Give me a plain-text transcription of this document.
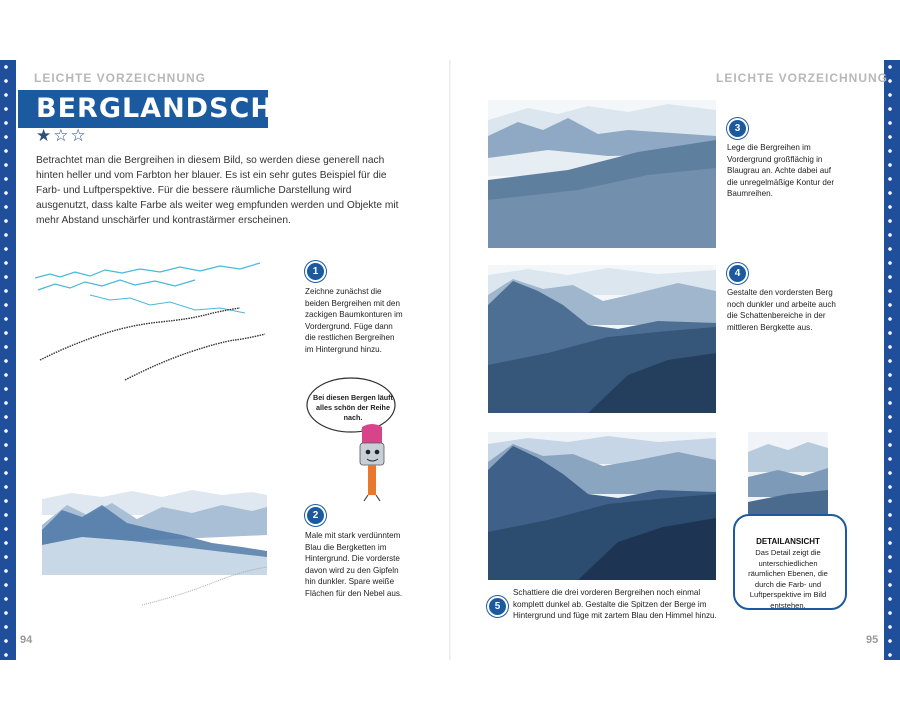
LEICHTE VORZEICHNUNG	LEICHTE VORZEICHNUNG
BERGLANDSCHAFT
★☆☆
Betrachtet man die Bergreihen in diesem Bild, so werden diese generell nach hinten heller und vom Farbton her blauer. Es ist ein sehr gutes Beispiel für die Farb- und Luftperspektive. Für die bessere räumliche Darstellung wird ausgenutzt, dass kalte Farbe als weiter weg empfunden werden und Objekte mit mehr Abstand unschärfer und kontrastärmer erscheinen.
Bei diesen Bergen läuft alles schön der Reihe nach.
DETAILANSICHT
Das Detail zeigt die unterschiedlichen räumlichen Ebenen, die durch die Farb- und Luftperspektive im Bild entstehen.
1
Zeichne zunächst die beiden Bergreihen mit den zackigen Baumkonturen im Vordergrund. Füge dann die restlichen Bergreihen im Hintergrund hinzu.
2
Male mit stark verdünntem Blau die Bergketten im Hintergrund. Die vorderste davon wird zu den Gipfeln hin dunkler. Spare weiße Flächen für den Nebel aus.
3
Lege die Bergreihen im Vordergrund großflächig in Blaugrau an. Achte dabei auf die unregelmäßige Kontur der Baumreihen.
4
Gestalte den vordersten Berg noch dunkler und arbeite auch die Schattenbereiche in der mittleren Bergkette aus.
5
Schattiere die drei vorderen Bergreihen noch einmal komplett dunkel ab. Gestalte die Spitzen der Berge im Hintergrund und füge mit zartem Blau den Himmel hinzu.
94	95
